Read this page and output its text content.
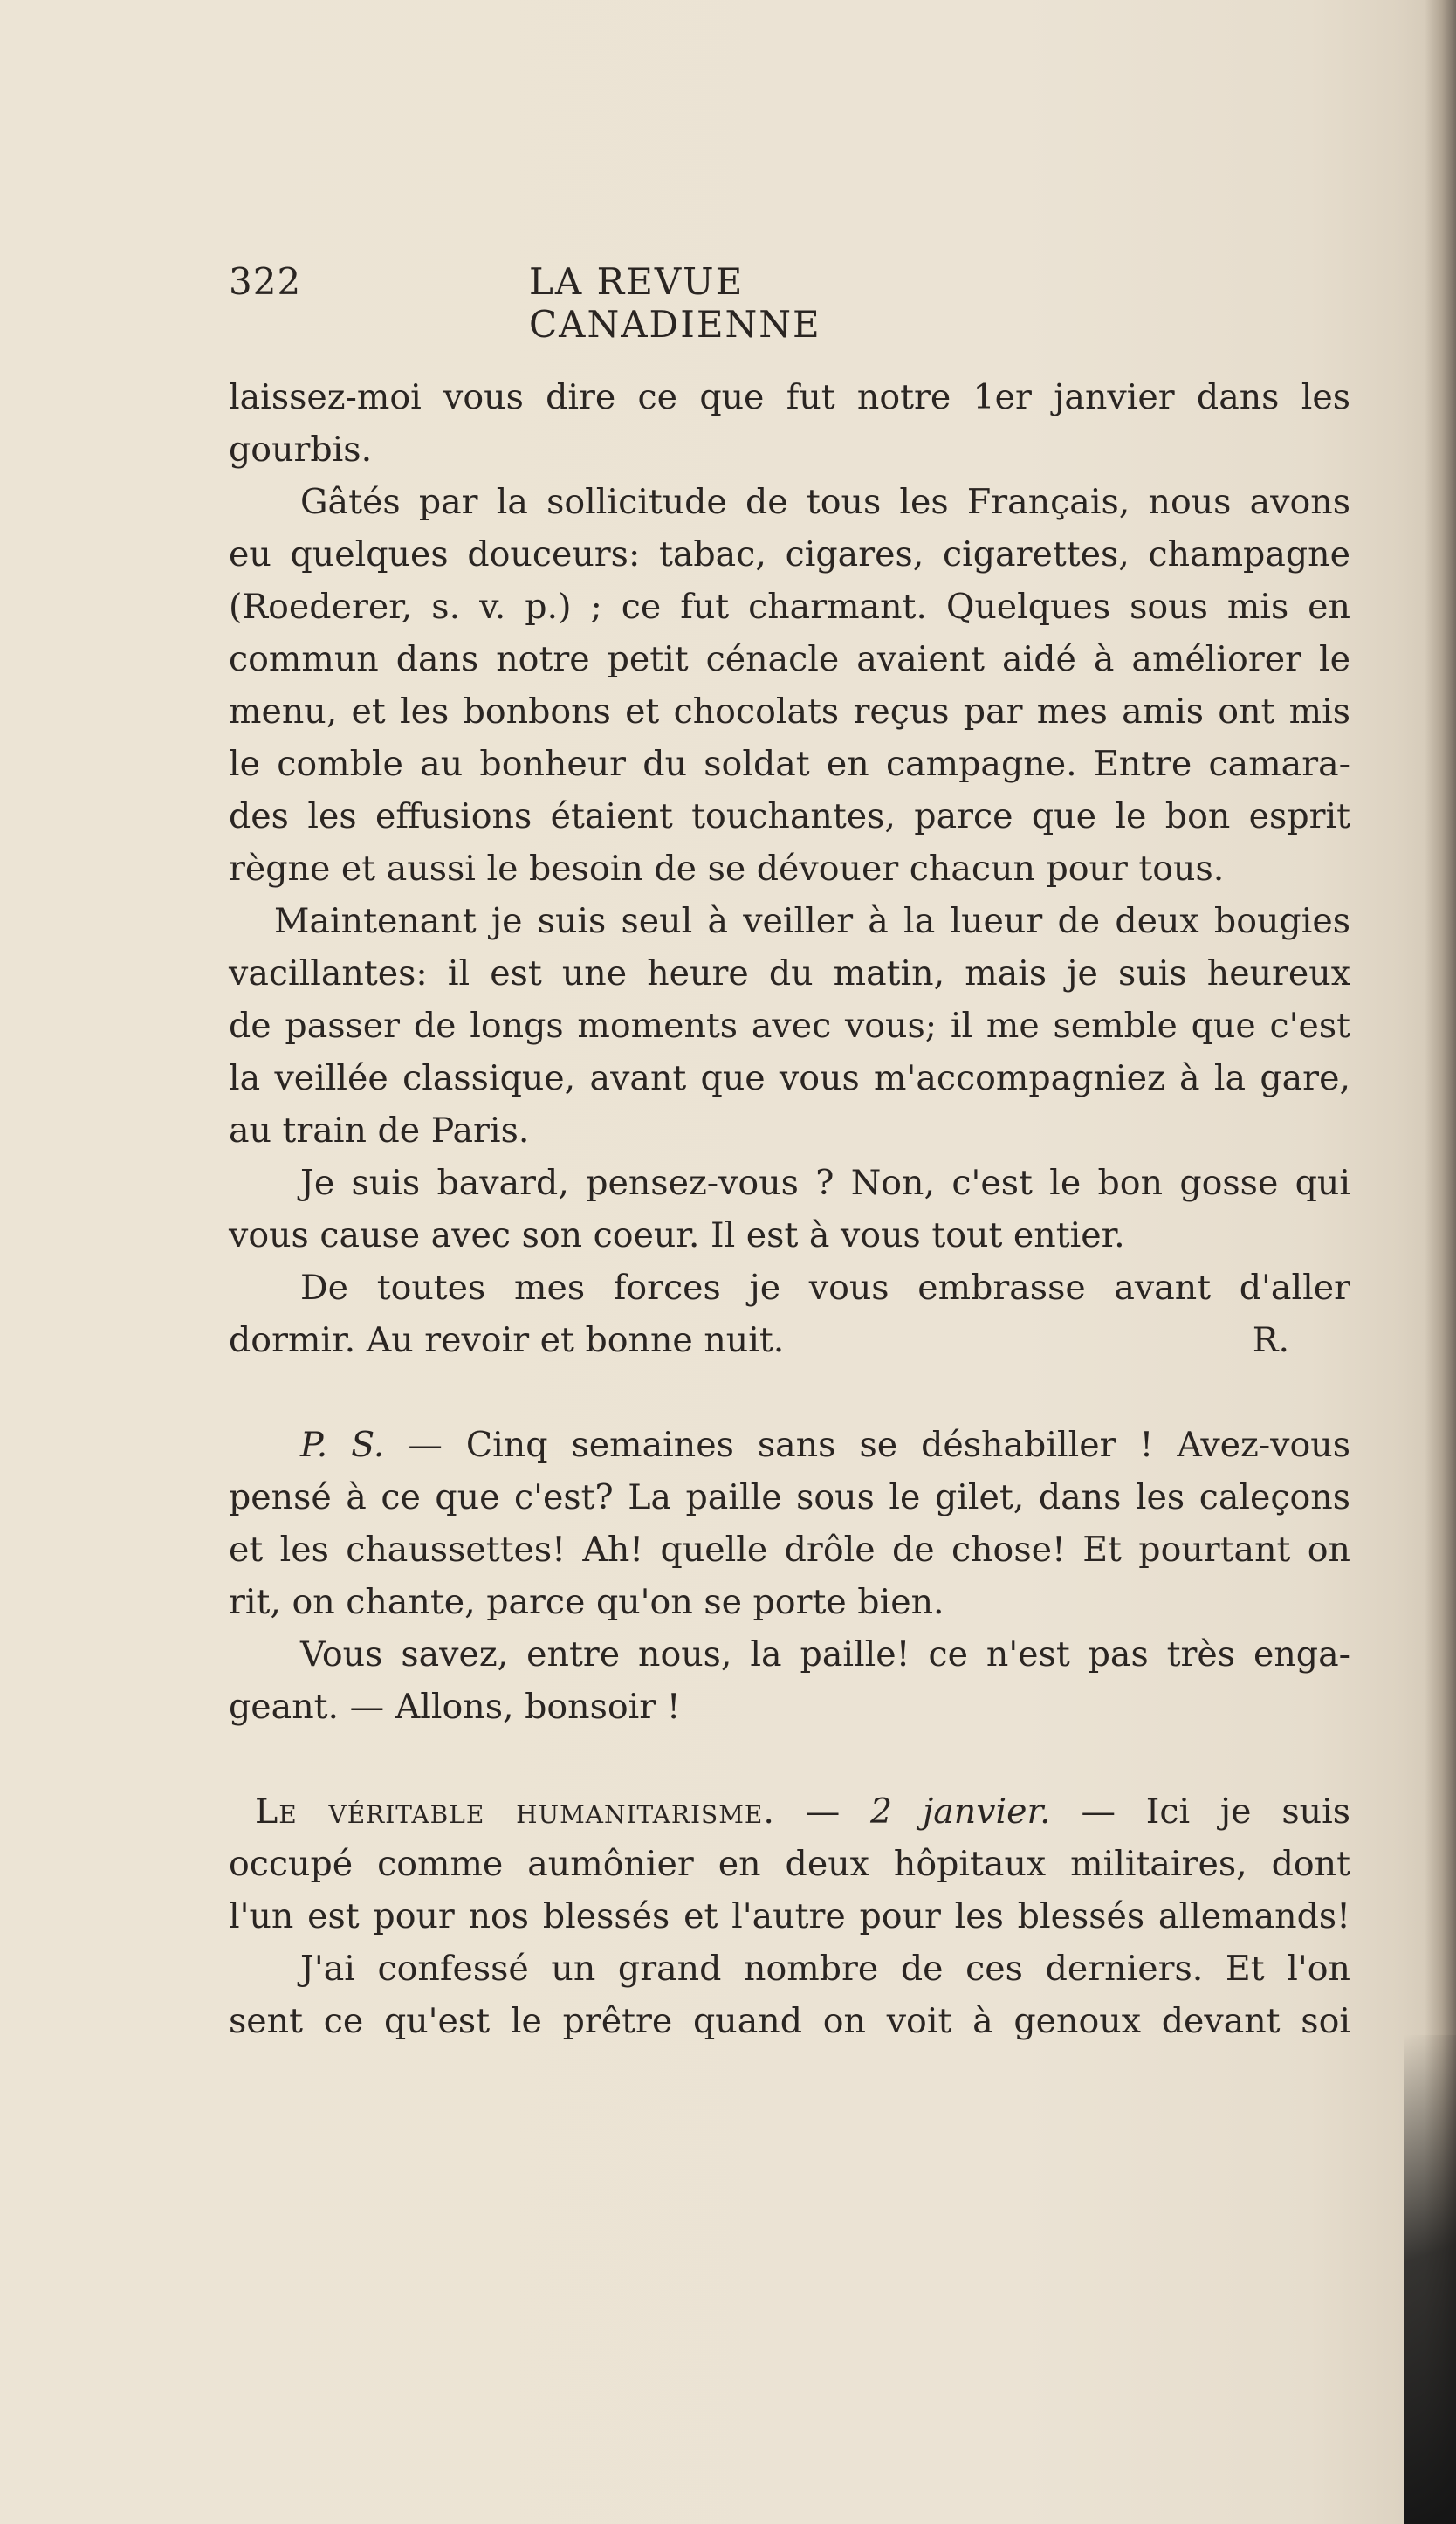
322	LA REVUE CANADIENNE
laissez-moi vous dire ce que fut notre 1er janvier dans les
gourbis.
Gâtés par la sollicitude de tous les Français, nous avons
eu quelques douceurs: tabac, cigares, cigarettes, champagne
(Roederer, s. v. p.) ; ce fut charmant. Quelques sous mis en
commun dans notre petit cénacle avaient aidé à améliorer le
menu, et les bonbons et chocolats reçus par mes amis ont mis
le comble au bonheur du soldat en campagne. Entre camara-
des les effusions étaient touchantes, parce que le bon esprit
règne et aussi le besoin de se dévouer chacun pour tous.
Maintenant je suis seul à veiller à la lueur de deux bougies
vacillantes: il est une heure du matin, mais je suis heureux
de passer de longs moments avec vous; il me semble que c'est
la veillée classique, avant que vous m'accompagniez à la gare,
au train de Paris.
Je suis bavard, pensez-vous ? Non, c'est le bon gosse qui
vous cause avec son coeur. Il est à vous tout entier.
De toutes mes forces je vous embrasse avant d'aller
dormir. Au revoir et bonne nuit.	R.
P. S. — Cinq semaines sans se déshabiller ! Avez-vous
pensé à ce que c'est? La paille sous le gilet, dans les caleçons
et les chaussettes! Ah! quelle drôle de chose! Et pourtant on
rit, on chante, parce qu'on se porte bien.
Vous savez, entre nous, la paille! ce n'est pas très enga-
geant. — Allons, bonsoir !
Le véritable humanitarisme. — 2 janvier. — Ici je suis
occupé comme aumônier en deux hôpitaux militaires, dont
l'un est pour nos blessés et l'autre pour les blessés allemands!
J'ai confessé un grand nombre de ces derniers. Et l'on
sent ce qu'est le prêtre quand on voit à genoux devant soi
